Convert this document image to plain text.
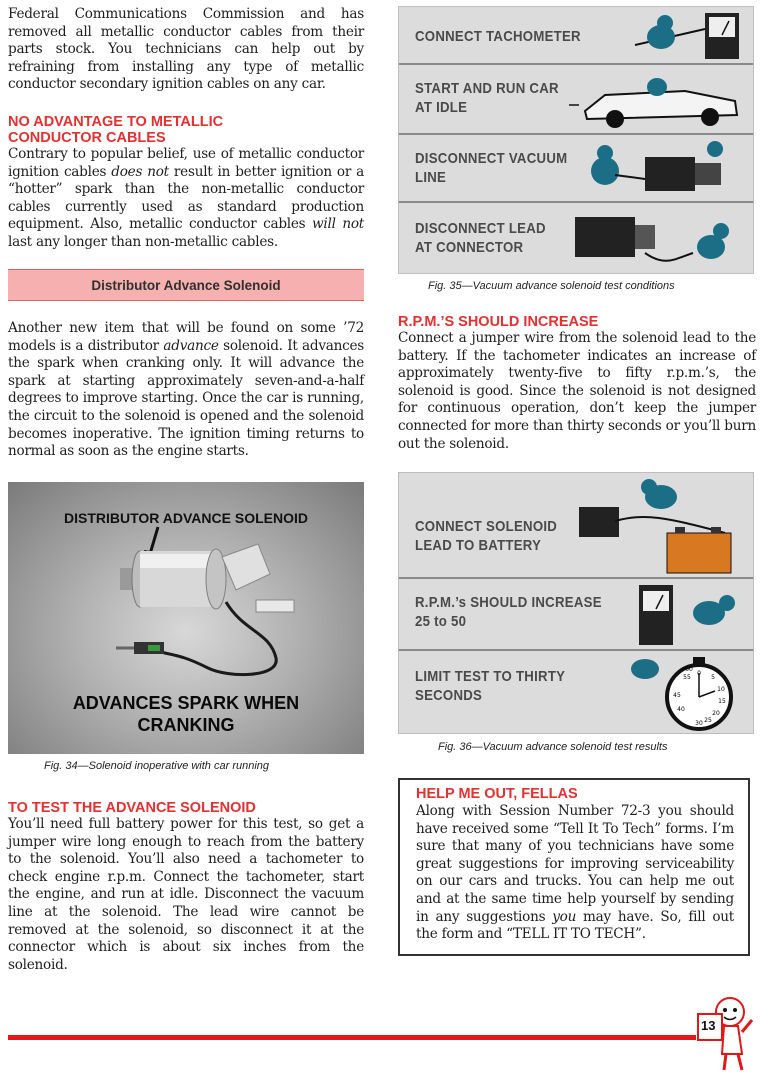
Federal Communications Commission and has removed all metallic conductor cables from their parts stock. You technicians can help out by refraining from installing any type of metallic conductor secondary ignition cables on any car.

NO ADVANTAGE TO METALLIC
CONDUCTOR CABLES

Contrary to popular belief, use of metallic conductor ignition cables does not result in better ignition or a “hotter” spark than the non-metallic conductor cables currently used as standard production equipment. Also, metallic conductor cables will not last any longer than non-metallic cables.

Distributor Advance Solenoid

Another new item that will be found on some ’72 models is a distributor advance solenoid. It advances the spark when cranking only. It will advance the spark at starting approximately seven-and-a-half degrees to improve starting. Once the car is running, the circuit to the solenoid is opened and the solenoid becomes inoperative. The ignition timing returns to normal as soon as the engine starts.

DISTRIBUTOR ADVANCE SOLENOID
ADVANCES SPARK WHEN
CRANKING
Fig. 34—Solenoid inoperative with car running

TO TEST THE ADVANCE SOLENOID

You’ll need full battery power for this test, so get a jumper wire long enough to reach from the battery to the solenoid. You’ll also need a tachometer to check engine r.p.m. Connect the tachometer, start the engine, and run at idle. Disconnect the vacuum line at the solenoid. The lead wire cannot be removed at the solenoid, so disconnect it at the connector which is about six inches from the solenoid.

CONNECT TACHOMETER
START AND RUN CAR
AT IDLE
DISCONNECT VACUUM
LINE
DISCONNECT LEAD
AT CONNECTOR
Fig. 35—Vacuum advance solenoid test conditions

R.P.M.’S SHOULD INCREASE

Connect a jumper wire from the solenoid lead to the battery. If the tachometer indicates an increase of approximately twenty-five to fifty r.p.m.’s, the solenoid is good. Since the solenoid is not designed for continuous operation, don’t keep the jumper connected for more than thirty seconds or you’ll burn out the solenoid.

CONNECT SOLENOID
LEAD TO BATTERY
R.P.M.’s SHOULD INCREASE
25 to 50
LIMIT TEST TO THIRTY
SECONDS
0
5
10
15
20
25
30
40
45
55
60
Fig. 36—Vacuum advance solenoid test results

HELP ME OUT, FELLAS

Along with Session Number 72-3 you should have received some “Tell It To Tech” forms. I’m sure that many of you technicians have some great suggestions for improving serviceability on our cars and trucks. You can help me out and at the same time help yourself by sending in any suggestions you may have. So, fill out the form and “TELL IT TO TECH”.

13
